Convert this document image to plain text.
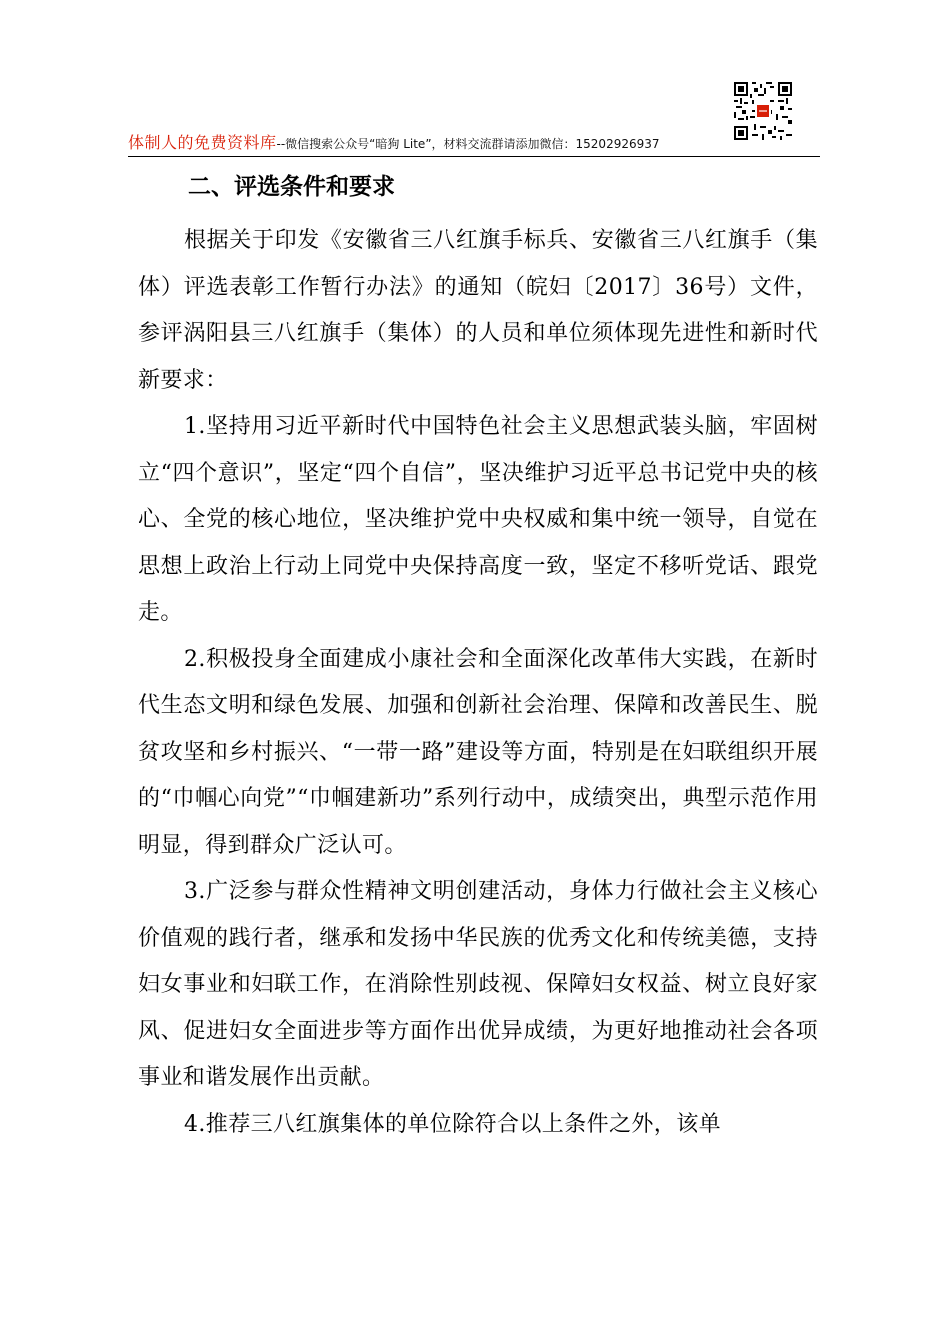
体制人的免费资料库--微信搜索公众号“暗狗 Lite”，材料交流群请添加微信：15202926937
二、评选条件和要求

根据关于印发《安徽省三八红旗手标兵、安徽省三八红旗手（集体）评选表彰工作暂行办法》的通知（皖妇〔2017〕36号）文件，参评涡阳县三八红旗手（集体）的人员和单位须体现先进性和新时代新要求：

1.坚持用习近平新时代中国特色社会主义思想武装头脑，牢固树立“四个意识”，坚定“四个自信”，坚决维护习近平总书记党中央的核心、全党的核心地位，坚决维护党中央权威和集中统一领导，自觉在思想上政治上行动上同党中央保持高度一致，坚定不移听党话、跟党走。

2.积极投身全面建成小康社会和全面深化改革伟大实践，在新时代生态文明和绿色发展、加强和创新社会治理、保障和改善民生、脱贫攻坚和乡村振兴、“一带一路”建设等方面，特别是在妇联组织开展的“巾帼心向党”“巾帼建新功”系列行动中，成绩突出，典型示范作用明显，得到群众广泛认可。

3.广泛参与群众性精神文明创建活动，身体力行做社会主义核心价值观的践行者，继承和发扬中华民族的优秀文化和传统美德，支持妇女事业和妇联工作，在消除性别歧视、保障妇女权益、树立良好家风、促进妇女全面进步等方面作出优异成绩，为更好地推动社会各项事业和谐发展作出贡献。

4.推荐三八红旗集体的单位除符合以上条件之外，该单
